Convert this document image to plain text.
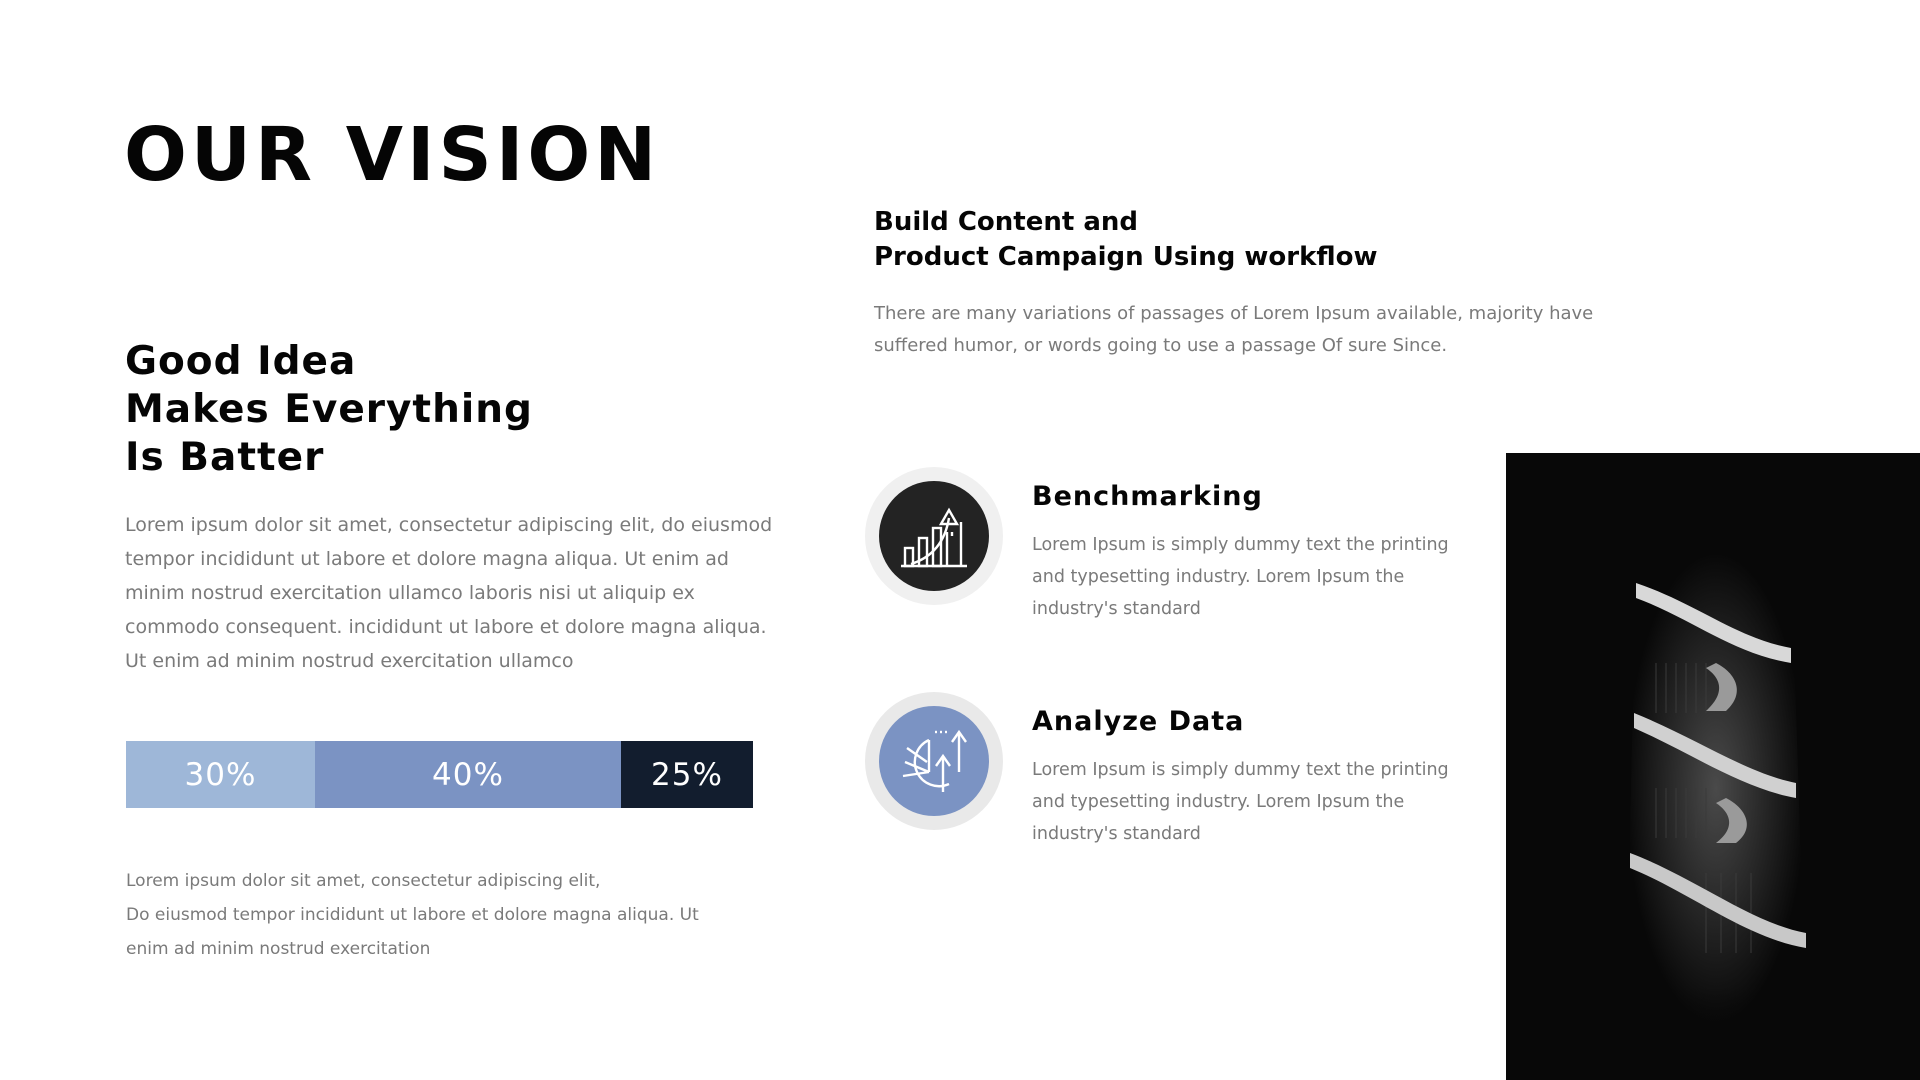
OUR VISION
Good Idea
Makes Everything
Is Batter

Lorem ipsum dolor sit amet, consectetur adipiscing elit, do eiusmod tempor incididunt ut labore et dolore magna aliqua. Ut enim ad minim nostrud exercitation ullamco laboris nisi ut aliquip ex commodo consequent. incididunt ut labore et dolore magna aliqua. Ut enim ad minim nostrud exercitation ullamco

30%	40%	25%

Lorem ipsum dolor sit amet, consectetur adipiscing elit,
Do eiusmod tempor incididunt ut labore et dolore magna aliqua. Ut
enim ad minim nostrud exercitation

Build Content and
Product Campaign Using workflow

There are many variations of passages of Lorem Ipsum available, majority have suffered humor, or words going to use a passage Of sure Since.

Benchmarking

Lorem Ipsum is simply dummy text the printing and typesetting industry. Lorem Ipsum the industry's standard

Analyze Data

Lorem Ipsum is simply dummy text the printing and typesetting industry. Lorem Ipsum the industry's standard
